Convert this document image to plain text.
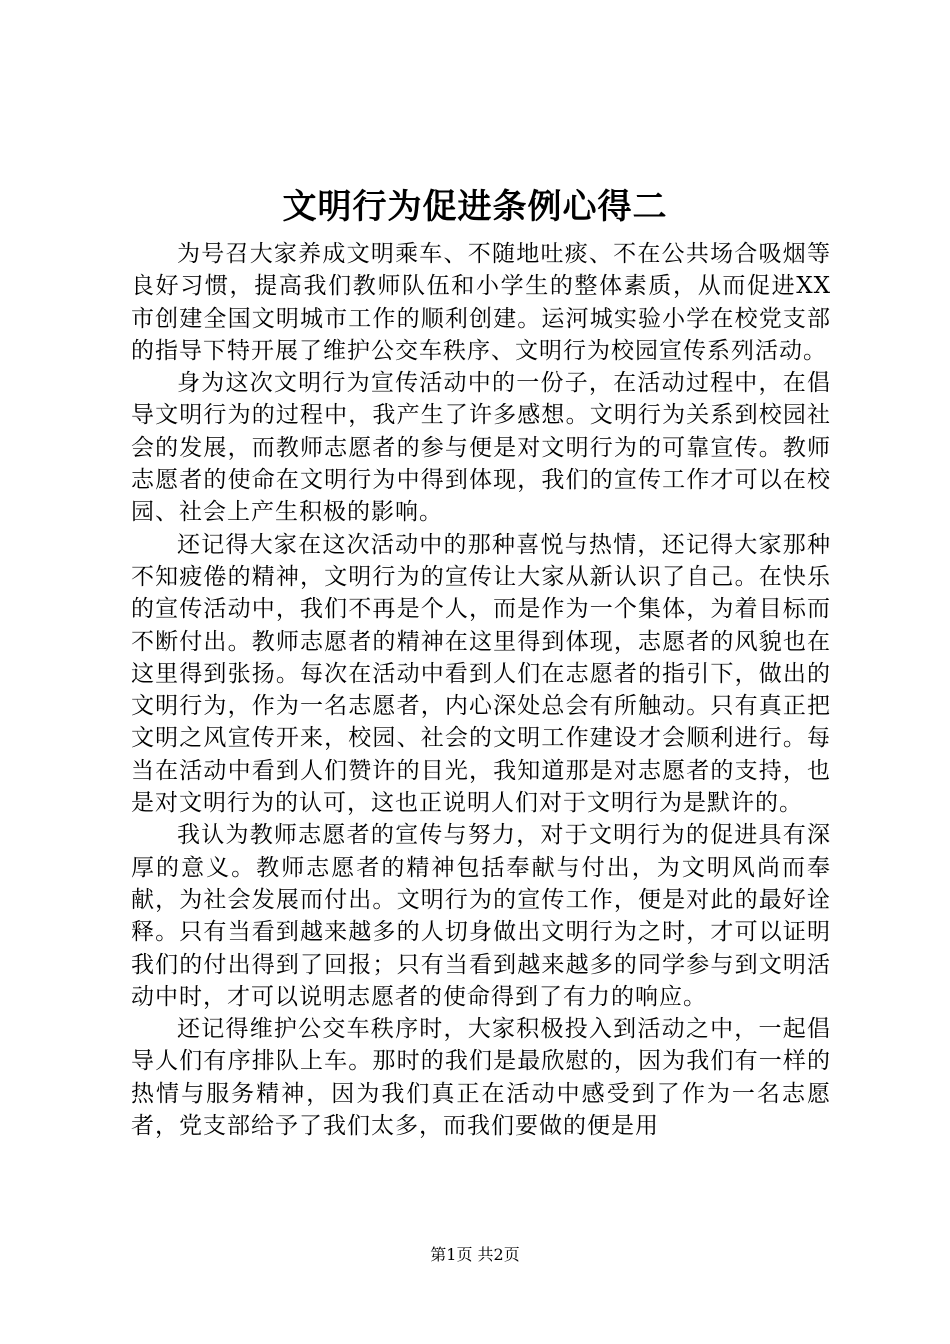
文明行为促进条例心得二

为号召大家养成文明乘车、不随地吐痰、不在公共场合吸烟等良好习惯，提高我们教师队伍和小学生的整体素质，从而促进XX市创建全国文明城市工作的顺利创建。运河城实验小学在校党支部的指导下特开展了维护公交车秩序、文明行为校园宣传系列活动。

身为这次文明行为宣传活动中的一份子，在活动过程中，在倡导文明行为的过程中，我产生了许多感想。文明行为关系到校园社会的发展，而教师志愿者的参与便是对文明行为的可靠宣传。教师志愿者的使命在文明行为中得到体现，我们的宣传工作才可以在校园、社会上产生积极的影响。

还记得大家在这次活动中的那种喜悦与热情，还记得大家那种不知疲倦的精神，文明行为的宣传让大家从新认识了自己。在快乐的宣传活动中，我们不再是个人，而是作为一个集体，为着目标而不断付出。教师志愿者的精神在这里得到体现，志愿者的风貌也在这里得到张扬。每次在活动中看到人们在志愿者的指引下，做出的文明行为，作为一名志愿者，内心深处总会有所触动。只有真正把文明之风宣传开来，校园、社会的文明工作建设才会顺利进行。每当在活动中看到人们赞许的目光，我知道那是对志愿者的支持，也是对文明行为的认可，这也正说明人们对于文明行为是默许的。

我认为教师志愿者的宣传与努力，对于文明行为的促进具有深厚的意义。教师志愿者的精神包括奉献与付出，为文明风尚而奉献，为社会发展而付出。文明行为的宣传工作，便是对此的最好诠释。只有当看到越来越多的人切身做出文明行为之时，才可以证明我们的付出得到了回报；只有当看到越来越多的同学参与到文明活动中时，才可以说明志愿者的使命得到了有力的响应。

还记得维护公交车秩序时，大家积极投入到活动之中，一起倡导人们有序排队上车。那时的我们是最欣慰的，因为我们有一样的热情与服务精神，因为我们真正在活动中感受到了作为一名志愿者，党支部给予了我们太多，而我们要做的便是用

第1页 共2页
